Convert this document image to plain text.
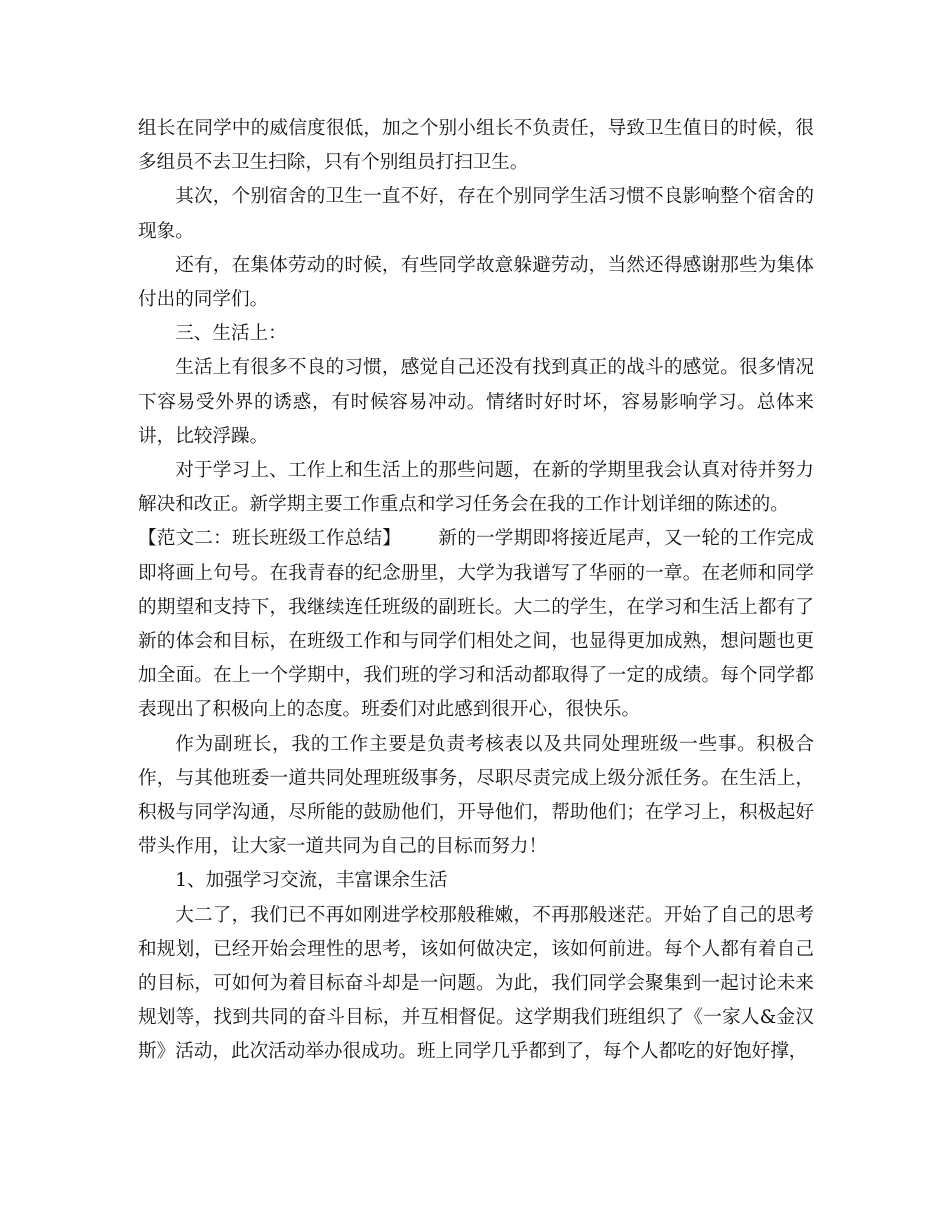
组长在同学中的威信度很低，加之个别小组长不负责任，导致卫生值日的时候，很多组员不去卫生扫除，只有个别组员打扫卫生。

其次，个别宿舍的卫生一直不好，存在个别同学生活习惯不良影响整个宿舍的现象。

还有，在集体劳动的时候，有些同学故意躲避劳动，当然还得感谢那些为集体付出的同学们。

三、生活上：

生活上有很多不良的习惯，感觉自己还没有找到真正的战斗的感觉。很多情况下容易受外界的诱惑，有时候容易冲动。情绪时好时坏，容易影响学习。总体来讲，比较浮躁。

对于学习上、工作上和生活上的那些问题，在新的学期里我会认真对待并努力解决和改正。新学期主要工作重点和学习任务会在我的工作计划详细的陈述的。

【范文二：班长班级工作总结】 新的一学期即将接近尾声，又一轮的工作完成即将画上句号。在我青春的纪念册里，大学为我谱写了华丽的一章。在老师和同学的期望和支持下，我继续连任班级的副班长。大二的学生，在学习和生活上都有了新的体会和目标，在班级工作和与同学们相处之间，也显得更加成熟，想问题也更加全面。在上一个学期中，我们班的学习和活动都取得了一定的成绩。每个同学都表现出了积极向上的态度。班委们对此感到很开心，很快乐。

作为副班长，我的工作主要是负责考核表以及共同处理班级一些事。积极合作，与其他班委一道共同处理班级事务，尽职尽责完成上级分派任务。在生活上，积极与同学沟通，尽所能的鼓励他们，开导他们，帮助他们；在学习上，积极起好带头作用，让大家一道共同为自己的目标而努力！

1、加强学习交流，丰富课余生活

大二了，我们已不再如刚进学校那般稚嫩，不再那般迷茫。开始了自己的思考和规划，已经开始会理性的思考，该如何做决定，该如何前进。每个人都有着自己的目标，可如何为着目标奋斗却是一问题。为此，我们同学会聚集到一起讨论未来规划等，找到共同的奋斗目标，并互相督促。这学期我们班组织了《一家人&金汉斯》活动，此次活动举办很成功。班上同学几乎都到了，每个人都吃的好饱好撑，
